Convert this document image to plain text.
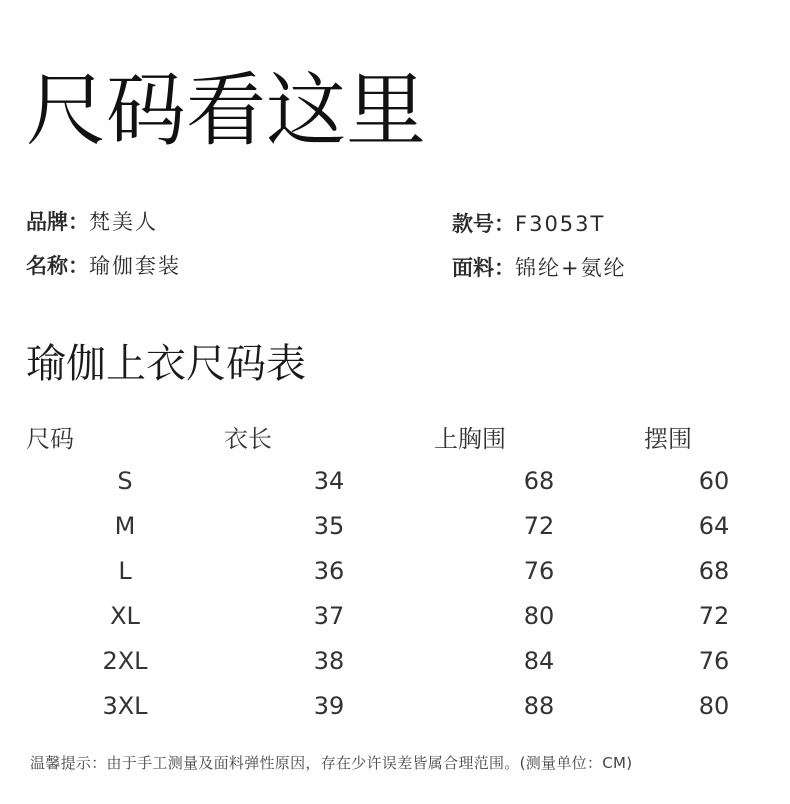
尺码看这里
品牌：梵美人	款号：F3053T
名称：瑜伽套装	面料：锦纶+氨纶
瑜伽上衣尺码表
尺码	衣长	上胸围	摆围
S	34	68	60
M	35	72	64
L	36	76	68
XL	37	80	72
2XL	38	84	76
3XL	39	88	80
温馨提示：由于手工测量及面料弹性原因，存在少许误差皆属合理范围。(测量单位：CM)
